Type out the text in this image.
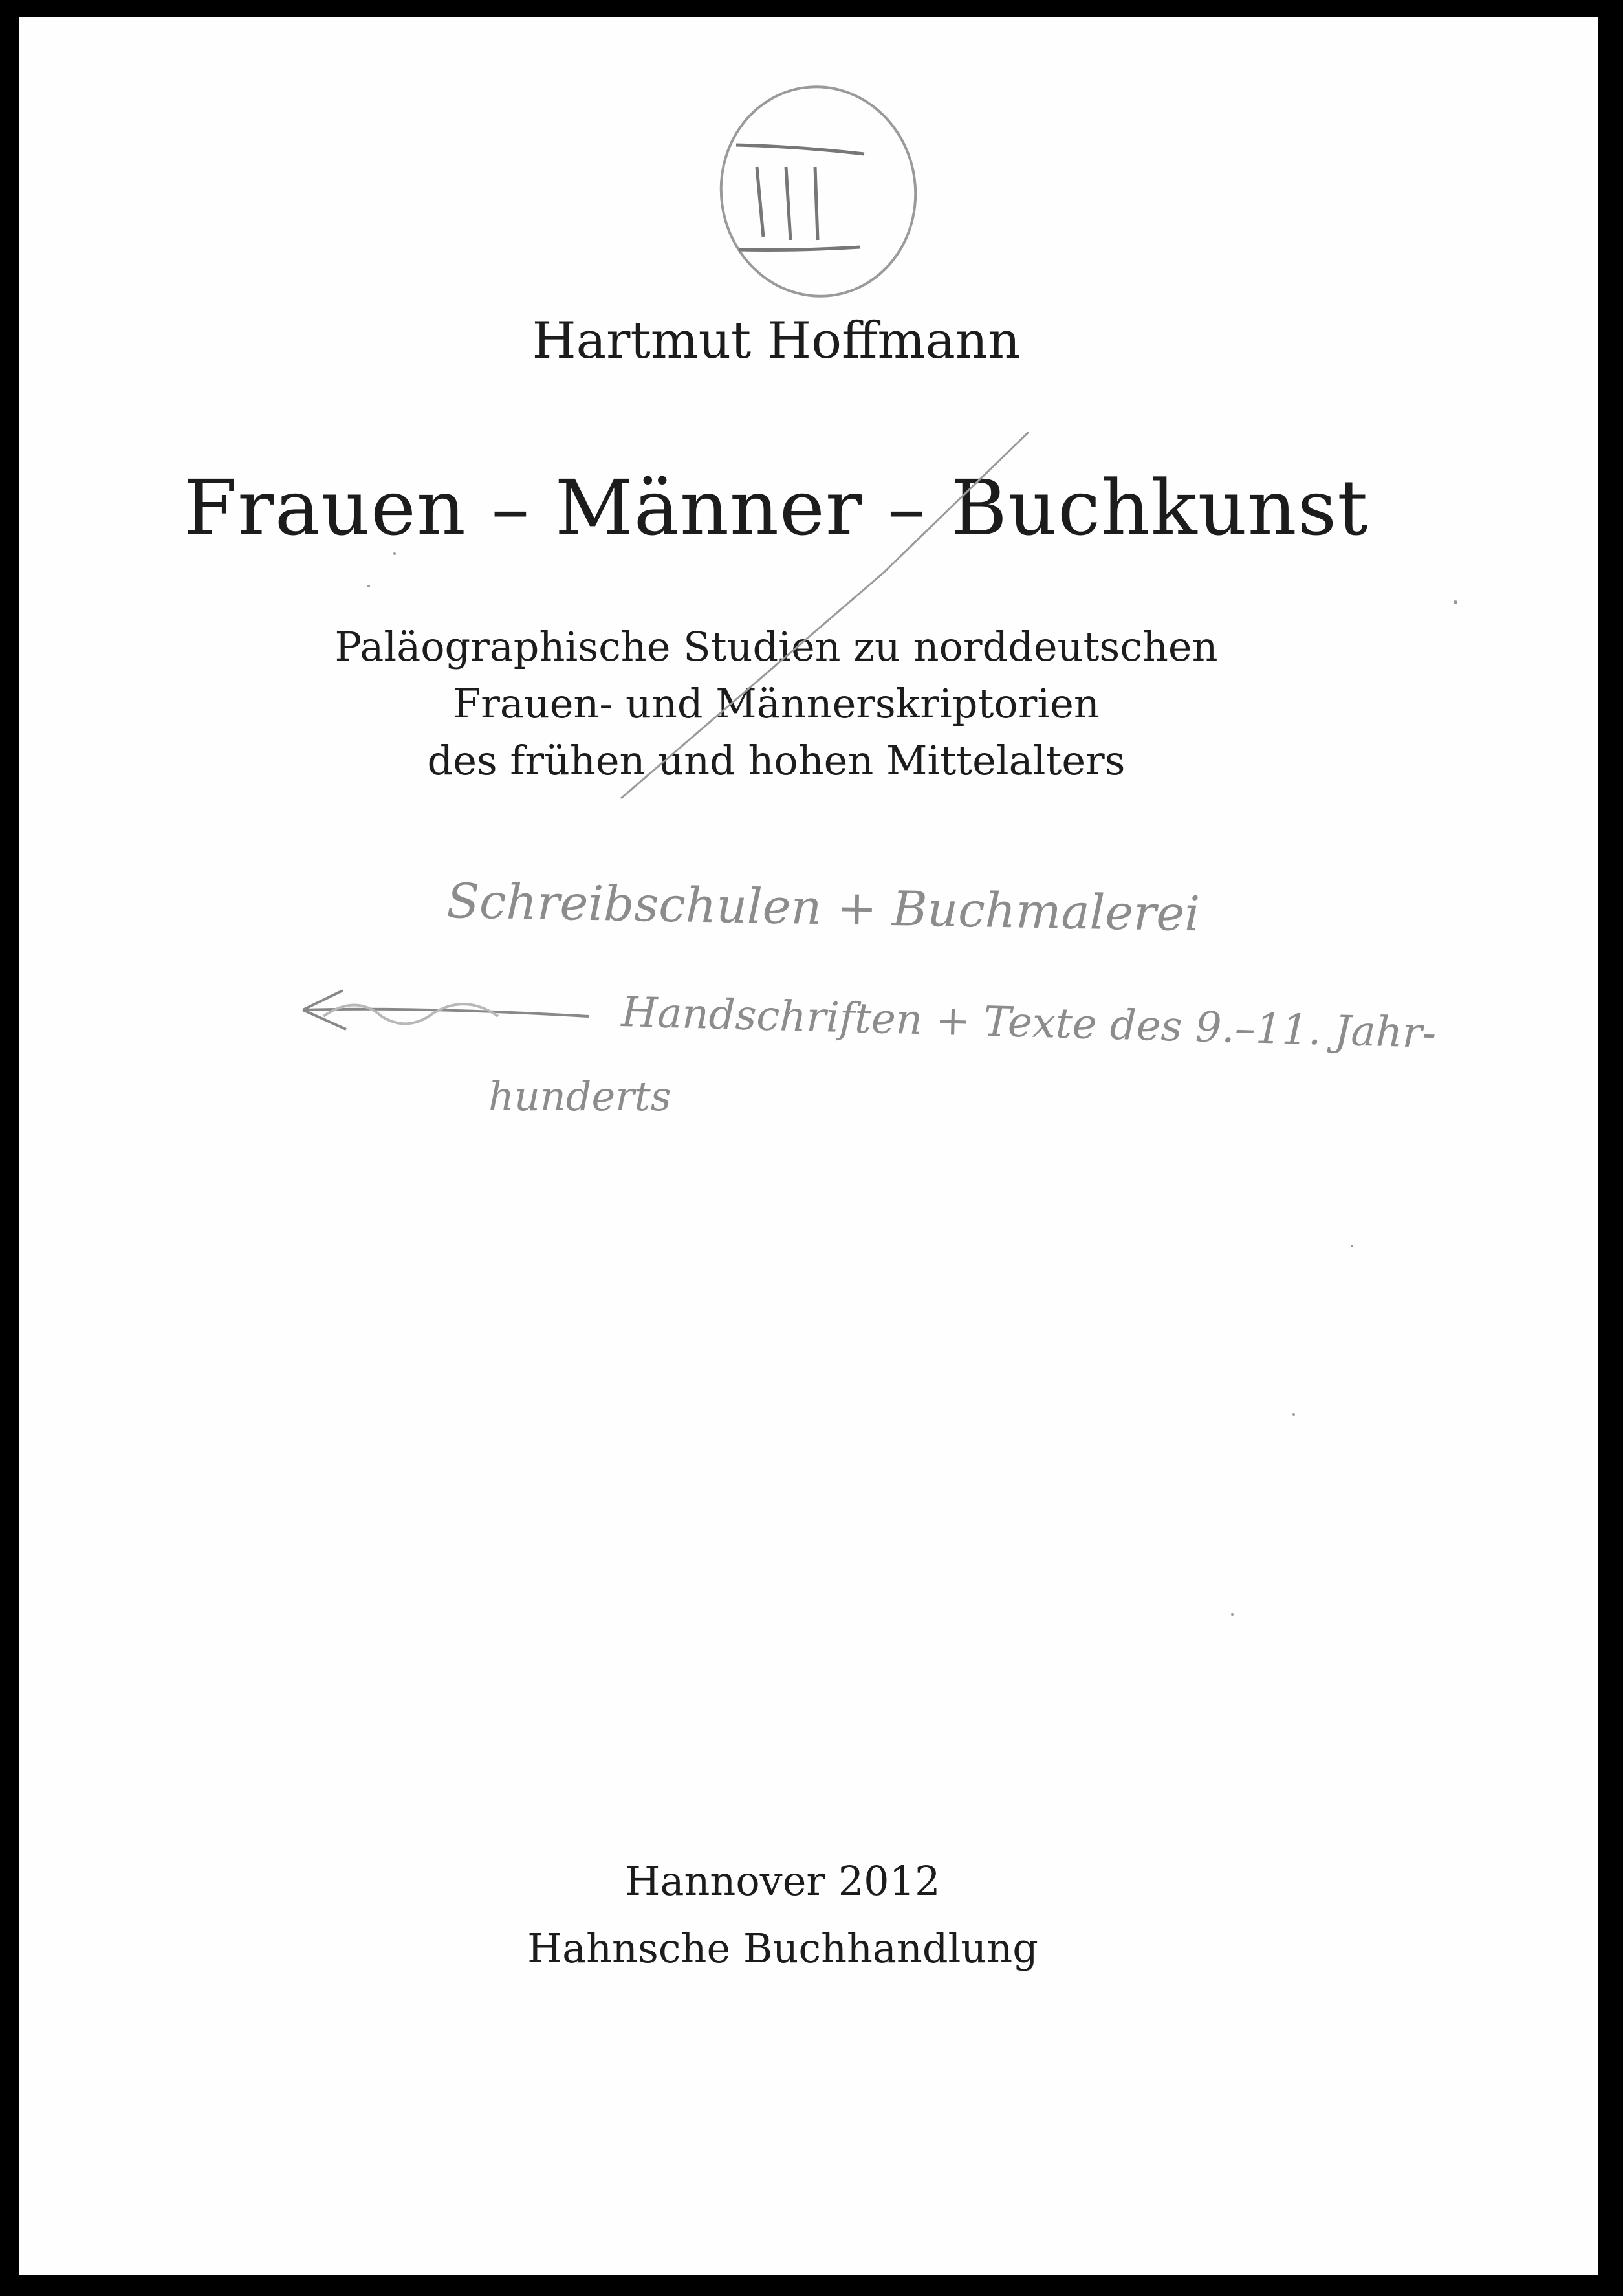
Hartmut Hoffmann
Frauen – Männer – Buchkunst
Paläographische Studien zu norddeutschen
Frauen- und Männerskriptorien
des frühen und hohen Mittelalters
Hannover 2012
Hahnsche Buchhandlung
III
Schreibschulen + Buchmalerei
Handschriften + Texte des 9.–11. Jahr-
hunderts
